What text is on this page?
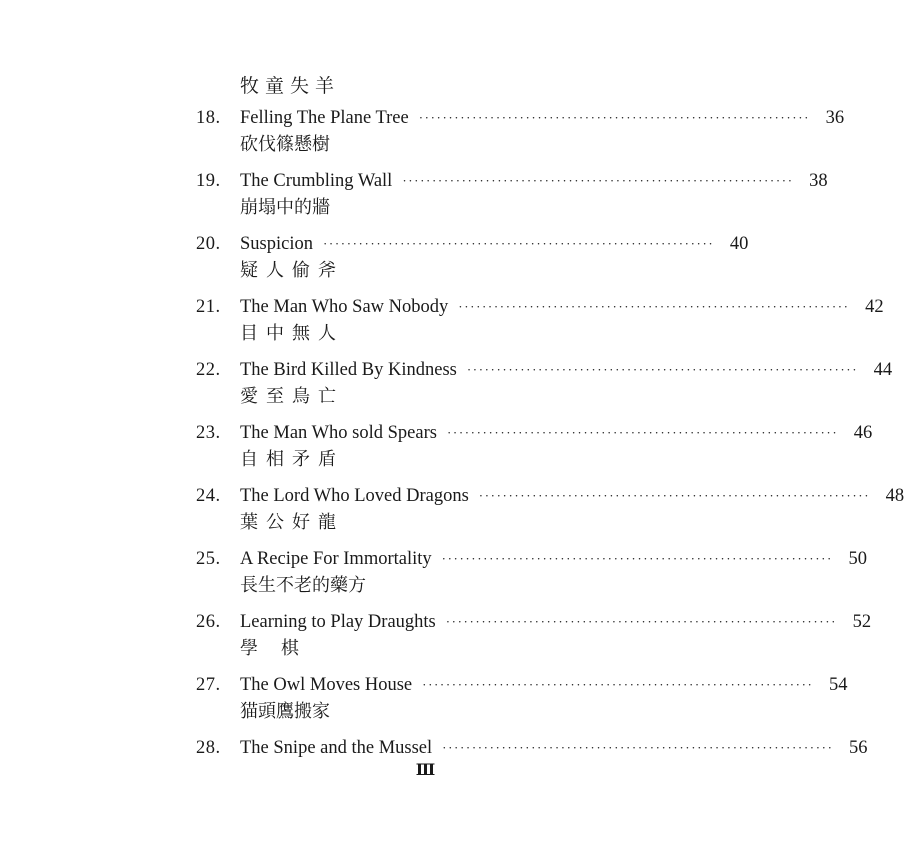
牧童失羊
18.	Felling The Plane Tree ·································································· 36
砍伐篠懸樹
19.	The Crumbling Wall ·································································· 38
崩塌中的牆
20.	Suspicion ·································································· 40
疑人偷斧
21.	The Man Who Saw Nobody ·································································· 42
目中無人
22.	The Bird Killed By Kindness ·································································· 44
愛至鳥亡
23.	The Man Who sold Spears ·································································· 46
自相矛盾
24.	The Lord Who Loved Dragons ·································································· 48
葉公好龍
25.	A Recipe For Immortality ·································································· 50
長生不老的藥方
26.	Learning to Play Draughts ·································································· 52
學    棋
27.	The Owl Moves House ·································································· 54
猫頭鷹搬家
28.	The Snipe and the Mussel ·································································· 56
Ⅲ
